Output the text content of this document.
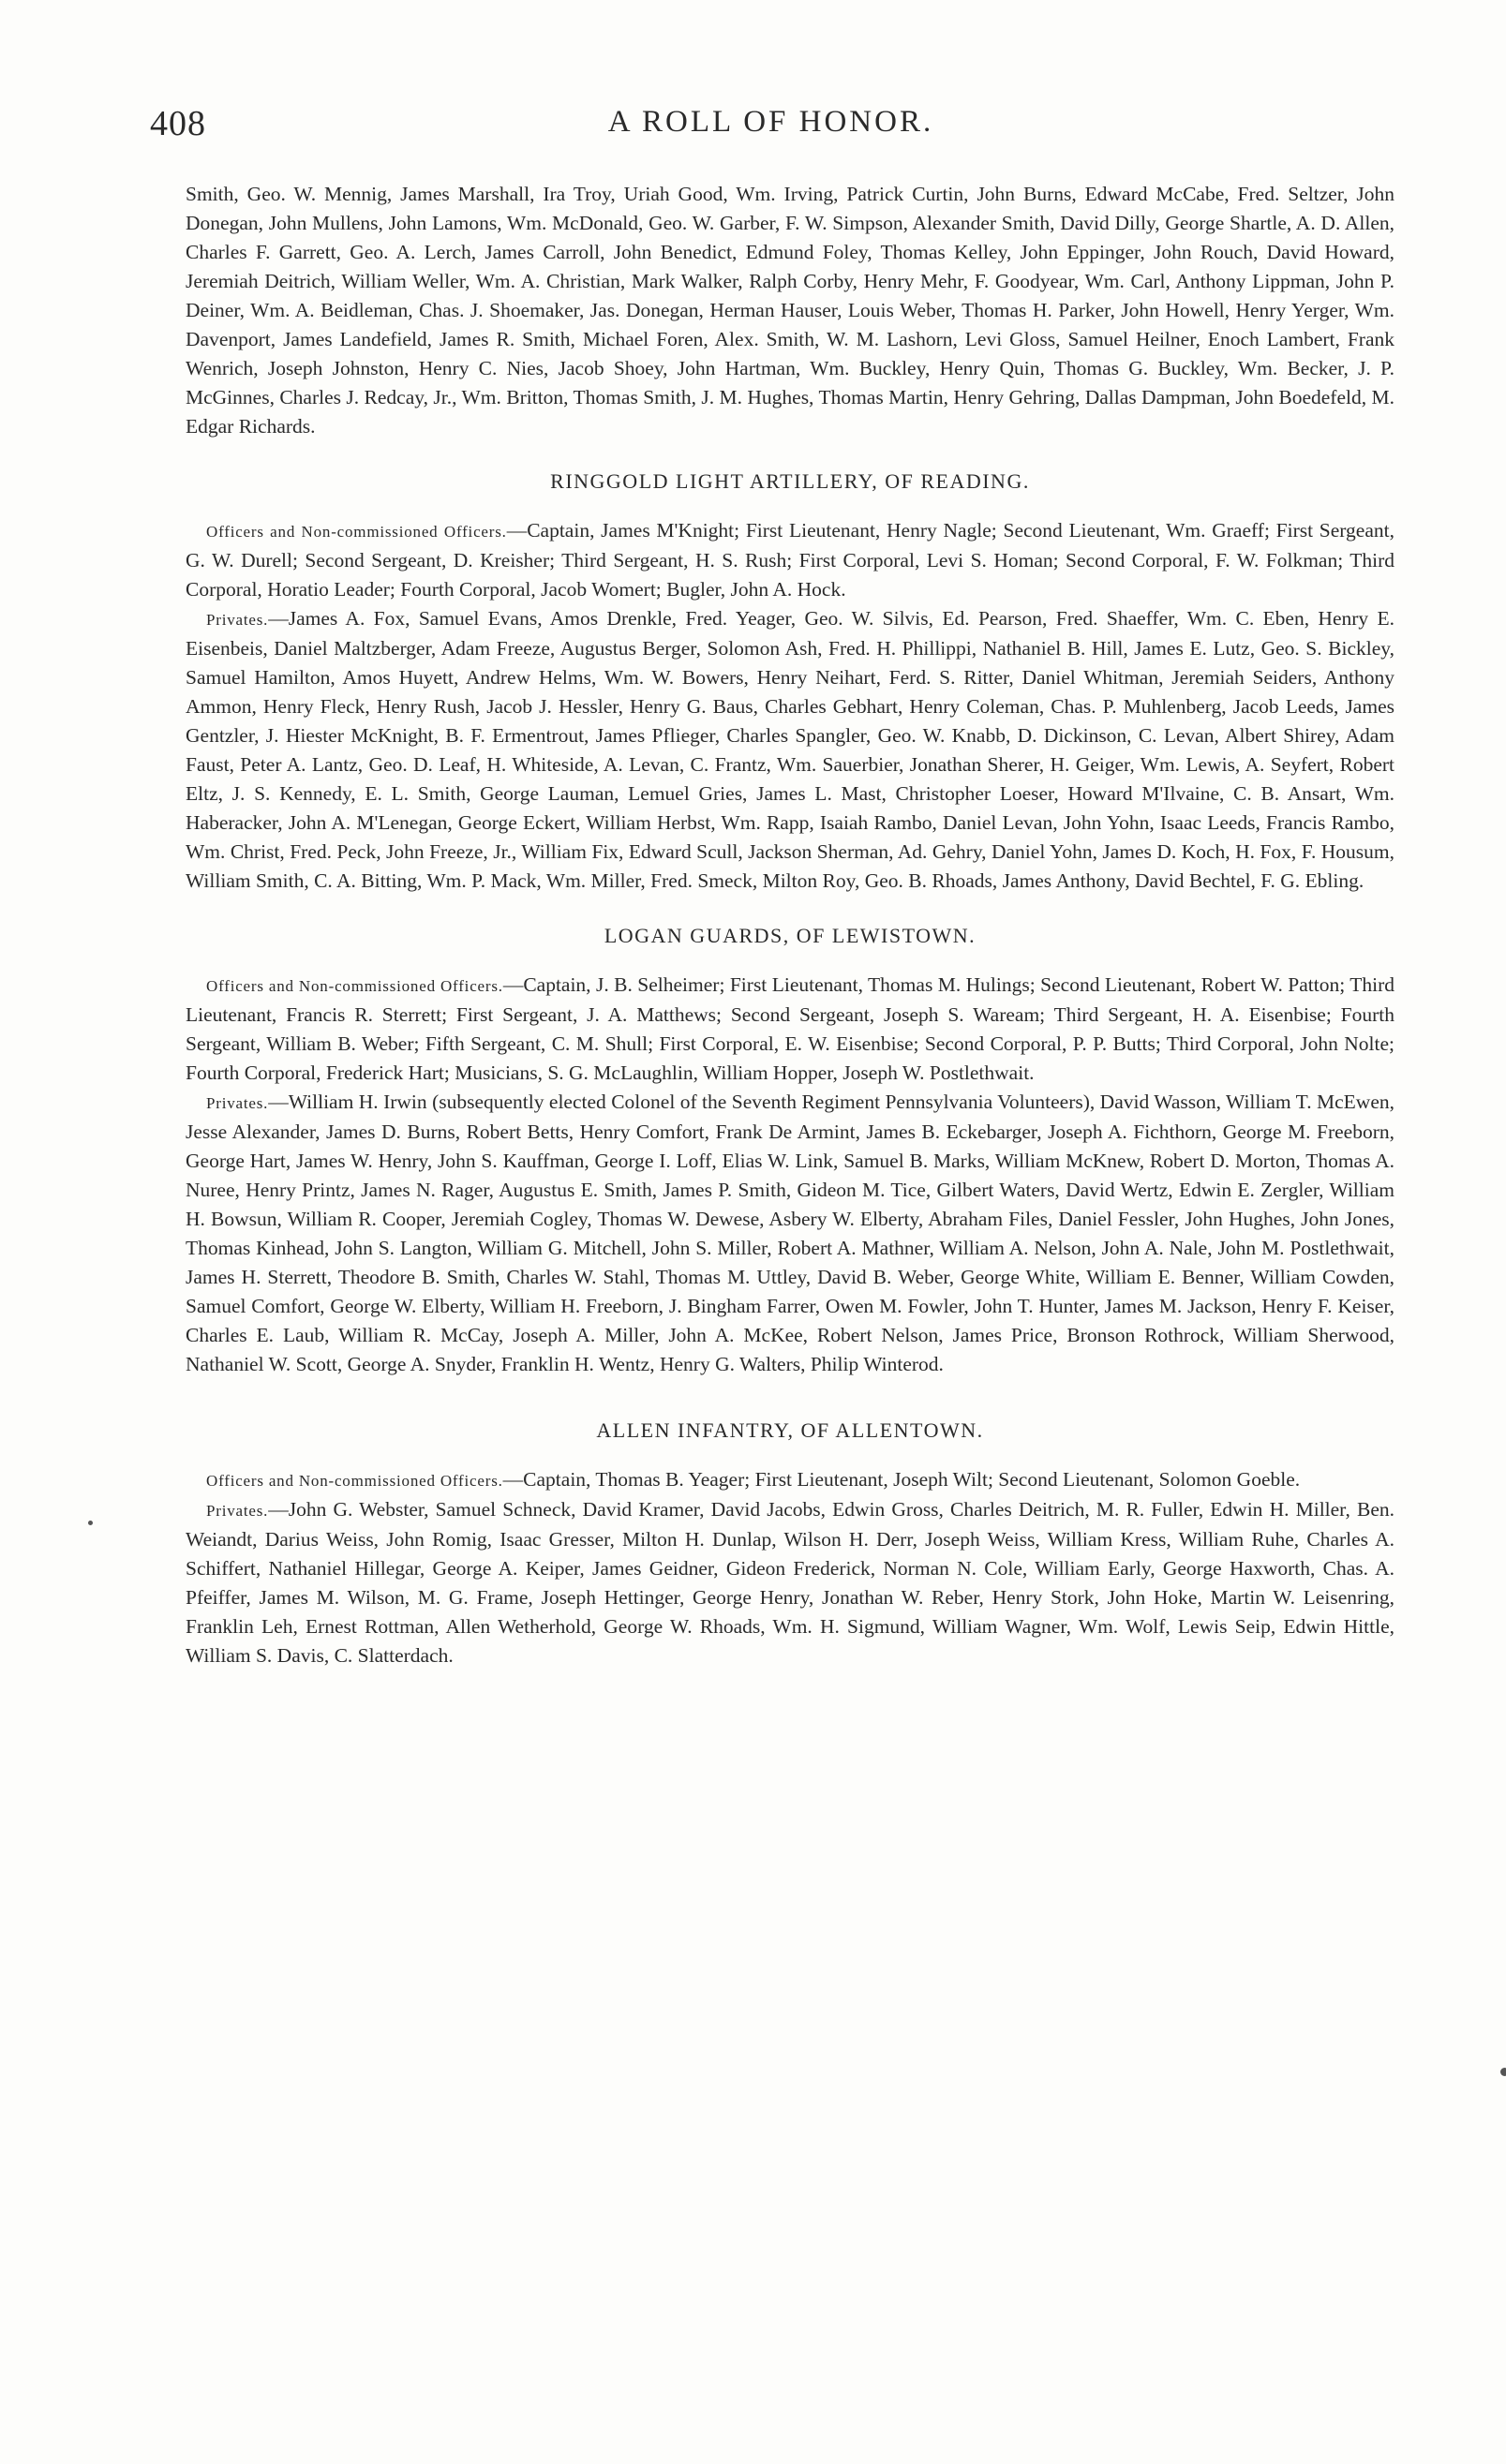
408	A ROLL OF HONOR.

Smith, Geo. W. Mennig, James Marshall, Ira Troy, Uriah Good, Wm. Irving, Patrick Curtin, John Burns, Edward McCabe, Fred. Seltzer, John Donegan, John Mullens, John Lamons, Wm. McDonald, Geo. W. Garber, F. W. Simpson, Alexander Smith, David Dilly, George Shartle, A. D. Allen, Charles F. Garrett, Geo. A. Lerch, James Carroll, John Benedict, Edmund Foley, Thomas Kelley, John Eppinger, John Rouch, David Howard, Jeremiah Deitrich, William Weller, Wm. A. Christian, Mark Walker, Ralph Corby, Henry Mehr, F. Goodyear, Wm. Carl, Anthony Lippman, John P. Deiner, Wm. A. Beidleman, Chas. J. Shoemaker, Jas. Donegan, Herman Hauser, Louis Weber, Thomas H. Parker, John Howell, Henry Yerger, Wm. Davenport, James Landefield, James R. Smith, Michael Foren, Alex. Smith, W. M. Lashorn, Levi Gloss, Samuel Heilner, Enoch Lambert, Frank Wenrich, Joseph Johnston, Henry C. Nies, Jacob Shoey, John Hartman, Wm. Buckley, Henry Quin, Thomas G. Buckley, Wm. Becker, J. P. McGinnes, Charles J. Redcay, Jr., Wm. Britton, Thomas Smith, J. M. Hughes, Thomas Martin, Henry Gehring, Dallas Dampman, John Boedefeld, M. Edgar Richards.

RINGGOLD LIGHT ARTILLERY, OF READING.

Officers and Non-commissioned Officers.—Captain, James M'Knight; First Lieutenant, Henry Nagle; Second Lieutenant, Wm. Graeff; First Sergeant, G. W. Durell; Second Sergeant, D. Kreisher; Third Sergeant, H. S. Rush; First Corporal, Levi S. Homan; Second Corporal, F. W. Folkman; Third Corporal, Horatio Leader; Fourth Corporal, Jacob Womert; Bugler, John A. Hock.

Privates.—James A. Fox, Samuel Evans, Amos Drenkle, Fred. Yeager, Geo. W. Silvis, Ed. Pearson, Fred. Shaeffer, Wm. C. Eben, Henry E. Eisenbeis, Daniel Maltzberger, Adam Freeze, Augustus Berger, Solomon Ash, Fred. H. Phillippi, Nathaniel B. Hill, James E. Lutz, Geo. S. Bickley, Samuel Hamilton, Amos Huyett, Andrew Helms, Wm. W. Bowers, Henry Neihart, Ferd. S. Ritter, Daniel Whitman, Jeremiah Seiders, Anthony Ammon, Henry Fleck, Henry Rush, Jacob J. Hessler, Henry G. Baus, Charles Gebhart, Henry Coleman, Chas. P. Muhlenberg, Jacob Leeds, James Gentzler, J. Hiester McKnight, B. F. Ermentrout, James Pflieger, Charles Spangler, Geo. W. Knabb, D. Dickinson, C. Levan, Albert Shirey, Adam Faust, Peter A. Lantz, Geo. D. Leaf, H. Whiteside, A. Levan, C. Frantz, Wm. Sauerbier, Jonathan Sherer, H. Geiger, Wm. Lewis, A. Seyfert, Robert Eltz, J. S. Kennedy, E. L. Smith, George Lauman, Lemuel Gries, James L. Mast, Christopher Loeser, Howard M'Ilvaine, C. B. Ansart, Wm. Haberacker, John A. M'Lenegan, George Eckert, William Herbst, Wm. Rapp, Isaiah Rambo, Daniel Levan, John Yohn, Isaac Leeds, Francis Rambo, Wm. Christ, Fred. Peck, John Freeze, Jr., William Fix, Edward Scull, Jackson Sherman, Ad. Gehry, Daniel Yohn, James D. Koch, H. Fox, F. Housum, William Smith, C. A. Bitting, Wm. P. Mack, Wm. Miller, Fred. Smeck, Milton Roy, Geo. B. Rhoads, James Anthony, David Bechtel, F. G. Ebling.

LOGAN GUARDS, OF LEWISTOWN.

Officers and Non-commissioned Officers.—Captain, J. B. Selheimer; First Lieutenant, Thomas M. Hulings; Second Lieutenant, Robert W. Patton; Third Lieutenant, Francis R. Sterrett; First Sergeant, J. A. Matthews; Second Sergeant, Joseph S. Waream; Third Sergeant, H. A. Eisenbise; Fourth Sergeant, William B. Weber; Fifth Sergeant, C. M. Shull; First Corporal, E. W. Eisenbise; Second Corporal, P. P. Butts; Third Corporal, John Nolte; Fourth Corporal, Frederick Hart; Musicians, S. G. McLaughlin, William Hopper, Joseph W. Postlethwait.

Privates.—William H. Irwin (subsequently elected Colonel of the Seventh Regiment Pennsylvania Volunteers), David Wasson, William T. McEwen, Jesse Alexander, James D. Burns, Robert Betts, Henry Comfort, Frank De Armint, James B. Eckebarger, Joseph A. Fichthorn, George M. Freeborn, George Hart, James W. Henry, John S. Kauffman, George I. Loff, Elias W. Link, Samuel B. Marks, William McKnew, Robert D. Morton, Thomas A. Nuree, Henry Printz, James N. Rager, Augustus E. Smith, James P. Smith, Gideon M. Tice, Gilbert Waters, David Wertz, Edwin E. Zergler, William H. Bowsun, William R. Cooper, Jeremiah Cogley, Thomas W. Dewese, Asbery W. Elberty, Abraham Files, Daniel Fessler, John Hughes, John Jones, Thomas Kinhead, John S. Langton, William G. Mitchell, John S. Miller, Robert A. Mathner, William A. Nelson, John A. Nale, John M. Postlethwait, James H. Sterrett, Theodore B. Smith, Charles W. Stahl, Thomas M. Uttley, David B. Weber, George White, William E. Benner, William Cowden, Samuel Comfort, George W. Elberty, William H. Freeborn, J. Bingham Farrer, Owen M. Fowler, John T. Hunter, James M. Jackson, Henry F. Keiser, Charles E. Laub, William R. McCay, Joseph A. Miller, John A. McKee, Robert Nelson, James Price, Bronson Rothrock, William Sherwood, Nathaniel W. Scott, George A. Snyder, Franklin H. Wentz, Henry G. Walters, Philip Winterod.

ALLEN INFANTRY, OF ALLENTOWN.

Officers and Non-commissioned Officers.—Captain, Thomas B. Yeager; First Lieutenant, Joseph Wilt; Second Lieutenant, Solomon Goeble.

Privates.—John G. Webster, Samuel Schneck, David Kramer, David Jacobs, Edwin Gross, Charles Deitrich, M. R. Fuller, Edwin H. Miller, Ben. Weiandt, Darius Weiss, John Romig, Isaac Gresser, Milton H. Dunlap, Wilson H. Derr, Joseph Weiss, William Kress, William Ruhe, Charles A. Schiffert, Nathaniel Hillegar, George A. Keiper, James Geidner, Gideon Frederick, Norman N. Cole, William Early, George Haxworth, Chas. A. Pfeiffer, James M. Wilson, M. G. Frame, Joseph Hettinger, George Henry, Jonathan W. Reber, Henry Stork, John Hoke, Martin W. Leisenring, Franklin Leh, Ernest Rottman, Allen Wetherhold, George W. Rhoads, Wm. H. Sigmund, William Wagner, Wm. Wolf, Lewis Seip, Edwin Hittle, William S. Davis, C. Slatterdach.
